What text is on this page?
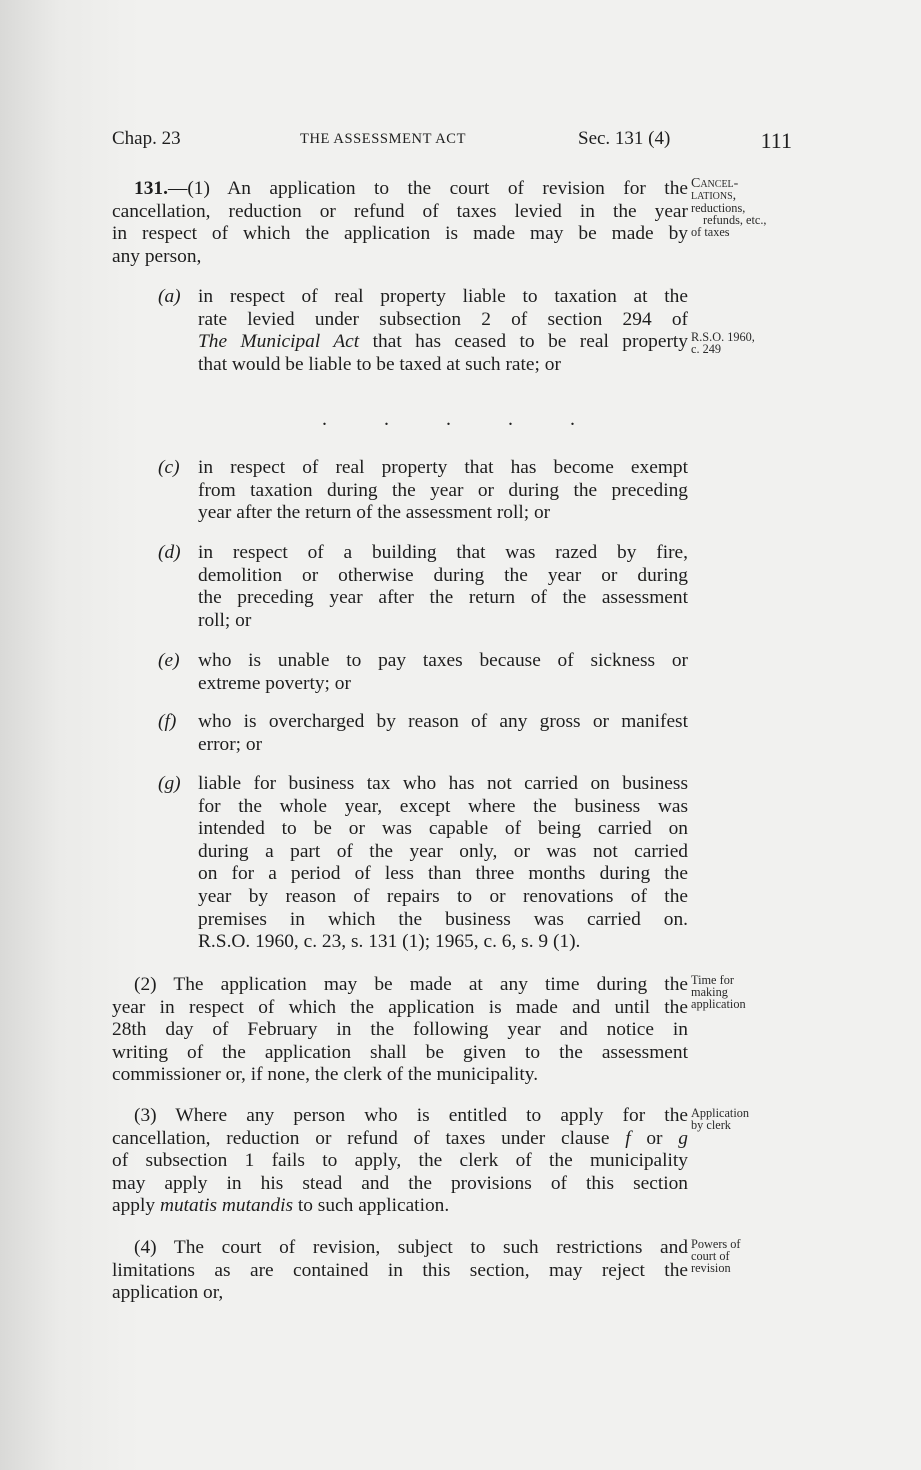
Chap. 23	THE ASSESSMENT ACT	Sec. 131 (4)	111
131.—(1) An application to the court of revision for the
cancellation, reduction or refund of taxes levied in the year
in respect of which the application is made may be made by
any person,
Cancel-
lations,
reductions,
refunds, etc.,
of taxes
(a) in respect of real property liable to taxation at the
rate levied under subsection 2 of section 294 of
The Municipal Act that has ceased to be real property
that would be liable to be taxed at such rate; or
R.S.O. 1960,
c. 249
. . . . .
(c) in respect of real property that has become exempt
from taxation during the year or during the preceding
year after the return of the assessment roll; or
(d) in respect of a building that was razed by fire,
demolition or otherwise during the year or during
the preceding year after the return of the assessment
roll; or
(e) who is unable to pay taxes because of sickness or
extreme poverty; or
(f) who is overcharged by reason of any gross or manifest
error; or
(g) liable for business tax who has not carried on business
for the whole year, except where the business was
intended to be or was capable of being carried on
during a part of the year only, or was not carried
on for a period of less than three months during the
year by reason of repairs to or renovations of the
premises in which the business was carried on.
R.S.O. 1960, c. 23, s. 131 (1); 1965, c. 6, s. 9 (1).
(2) The application may be made at any time during the
year in respect of which the application is made and until the
28th day of February in the following year and notice in
writing of the application shall be given to the assessment
commissioner or, if none, the clerk of the municipality.
Time for
making
application
(3) Where any person who is entitled to apply for the
cancellation, reduction or refund of taxes under clause f or g
of subsection 1 fails to apply, the clerk of the municipality
may apply in his stead and the provisions of this section
apply mutatis mutandis to such application.
Application
by clerk
(4) The court of revision, subject to such restrictions and
limitations as are contained in this section, may reject the
application or,
Powers of
court of
revision
